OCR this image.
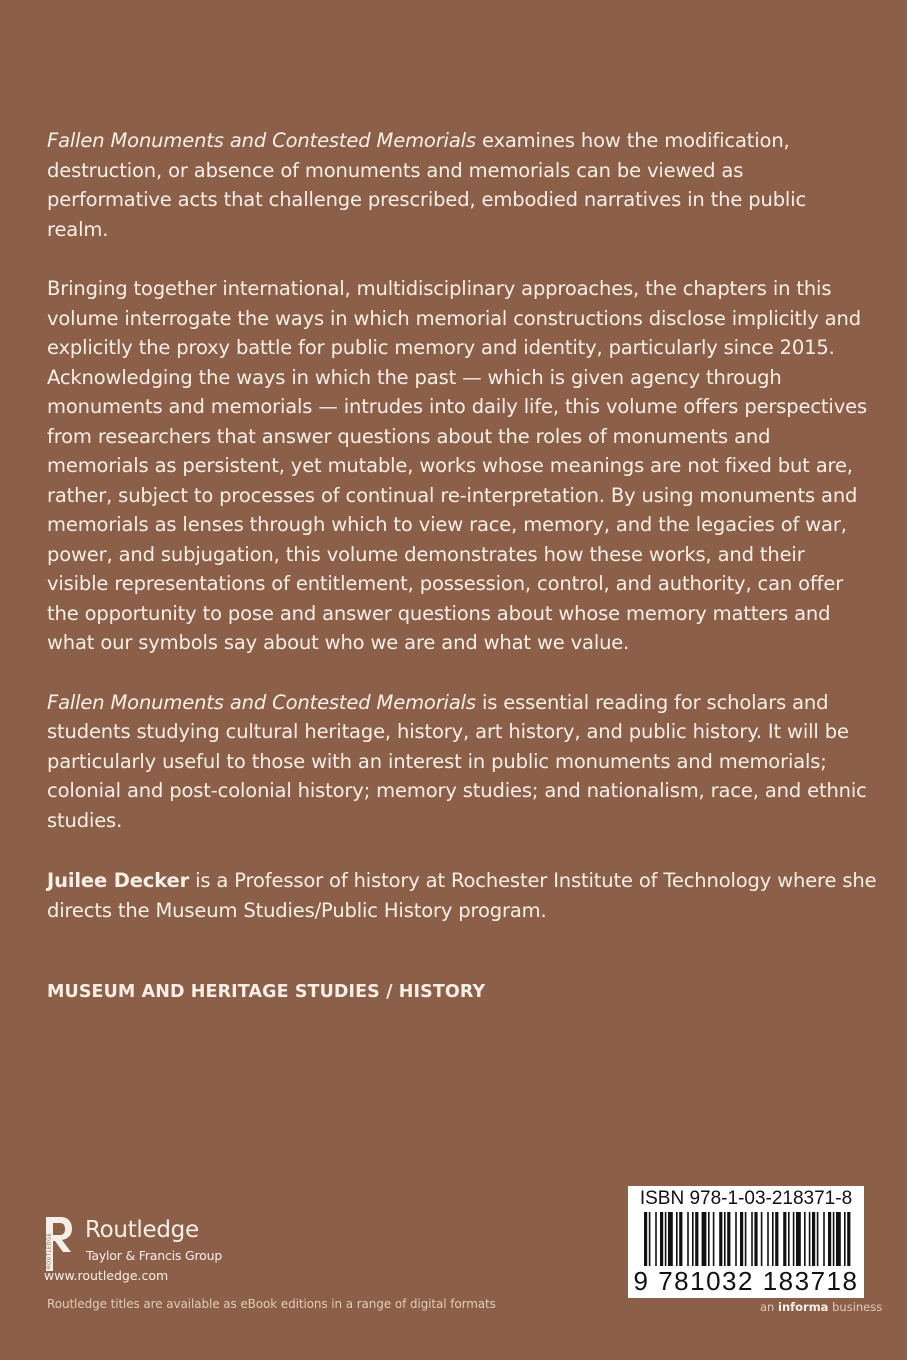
Fallen Monuments and Contested Memorials examines how the modification, destruction, or absence of monuments and memorials can be viewed as performative acts that challenge prescribed, embodied narratives in the public realm.

Bringing together international, multidisciplinary approaches, the chapters in this volume interrogate the ways in which memorial constructions disclose implicitly and explicitly the proxy battle for public memory and identity, particularly since 2015. Acknowledging the ways in which the past — which is given agency through monuments and memorials — intrudes into daily life, this volume offers perspectives from researchers that answer questions about the roles of monuments and memorials as persistent, yet mutable, works whose meanings are not fixed but are, rather, subject to processes of continual re-interpretation. By using monuments and memorials as lenses through which to view race, memory, and the legacies of war, power, and subjugation, this volume demonstrates how these works, and their visible representations of entitlement, possession, control, and authority, can offer the opportunity to pose and answer questions about whose memory matters and what our symbols say about who we are and what we value.

Fallen Monuments and Contested Memorials is essential reading for scholars and students studying cultural heritage, history, art history, and public history. It will be particularly useful to those with an interest in public monuments and memorials; colonial and post-colonial history; memory studies; and nationalism, race, and ethnic studies.

Juilee Decker is a Professor of history at Rochester Institute of Technology where she directs the Museum Studies/Public History program.
MUSEUM AND HERITAGE STUDIES / HISTORY
ROUTLEDGE
Routledge
Taylor & Francis Group
www.routledge.com
Routledge titles are available as eBook editions in a range of digital formats
ISBN 978-1-03-218371-8
9 781032 183718
an informa business
